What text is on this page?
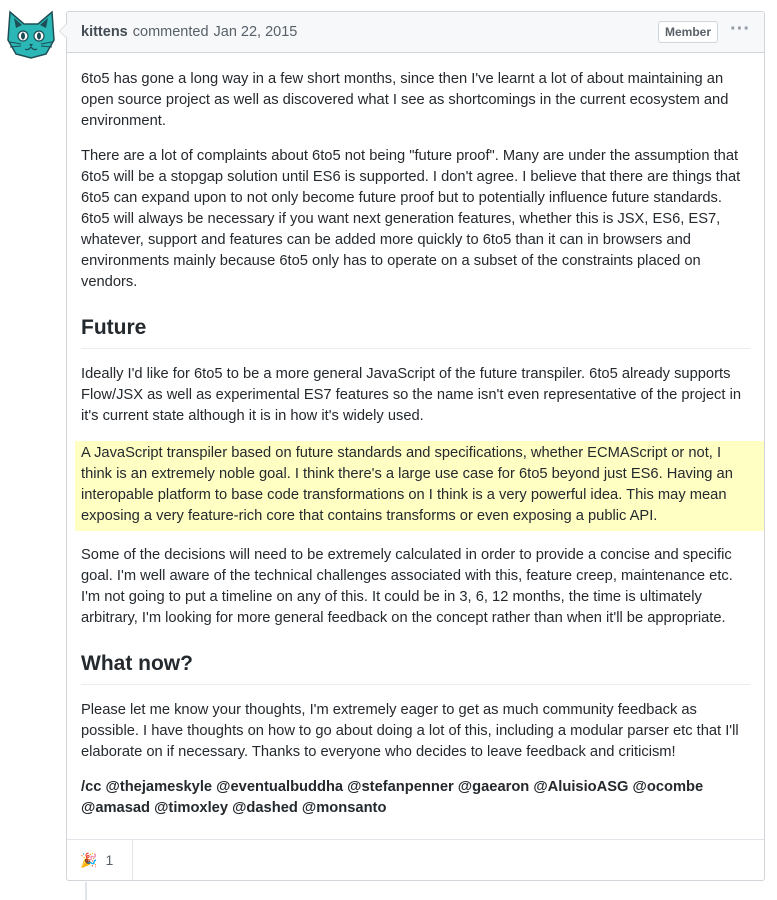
kittens commented Jan 22, 2015	Member ···

6to5 has gone a long way in a few short months, since then I've learnt a lot of about maintaining an open source project as well as discovered what I see as shortcomings in the current ecosystem and environment.

There are a lot of complaints about 6to5 not being "future proof". Many are under the assumption that 6to5 will be a stopgap solution until ES6 is supported. I don't agree. I believe that there are things that 6to5 can expand upon to not only become future proof but to potentially influence future standards. 6to5 will always be necessary if you want next generation features, whether this is JSX, ES6, ES7, whatever, support and features can be added more quickly to 6to5 than it can in browsers and environments mainly because 6to5 only has to operate on a subset of the constraints placed on vendors.

Future

Ideally I'd like for 6to5 to be a more general JavaScript of the future transpiler. 6to5 already supports Flow/JSX as well as experimental ES7 features so the name isn't even representative of the project in it's current state although it is in how it's widely used.

A JavaScript transpiler based on future standards and specifications, whether ECMAScript or not, I think is an extremely noble goal. I think there's a large use case for 6to5 beyond just ES6. Having an interopable platform to base code transformations on I think is a very powerful idea. This may mean exposing a very feature-rich core that contains transforms or even exposing a public API.

Some of the decisions will need to be extremely calculated in order to provide a concise and specific goal. I'm well aware of the technical challenges associated with this, feature creep, maintenance etc. I'm not going to put a timeline on any of this. It could be in 3, 6, 12 months, the time is ultimately arbitrary, I'm looking for more general feedback on the concept rather than when it'll be appropriate.

What now?

Please let me know your thoughts, I'm extremely eager to get as much community feedback as possible. I have thoughts on how to go about doing a lot of this, including a modular parser etc that I'll elaborate on if necessary. Thanks to everyone who decides to leave feedback and criticism!

/cc @thejameskyle @eventualbuddha @stefanpenner @gaearon @AluisioASG @ocombe @amasad @timoxley @dashed @monsanto

🎉 1
